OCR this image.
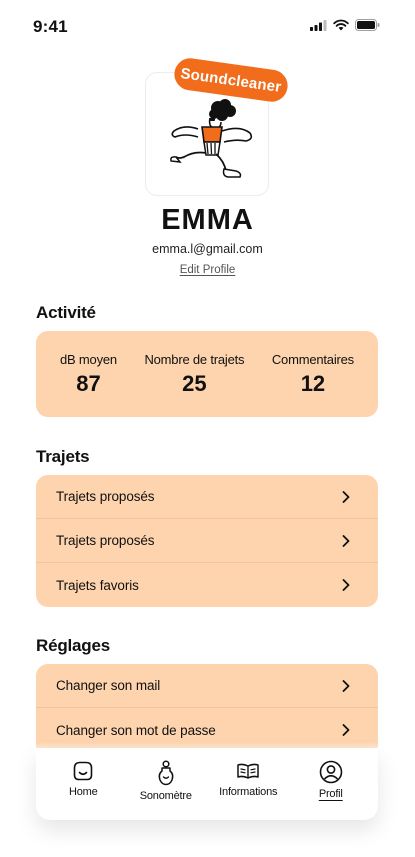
9:41
Soundcleaner
EMMA
emma.l@gmail.com
Edit Profile
Activité
dB moyen
87
Nombre de trajets
25
Commentaires
12
Trajets
Trajets proposés
Trajets proposés
Trajets favoris
Réglages
Changer son mail
Changer son mot de passe
Home	Sonomètre Informations	Profil
